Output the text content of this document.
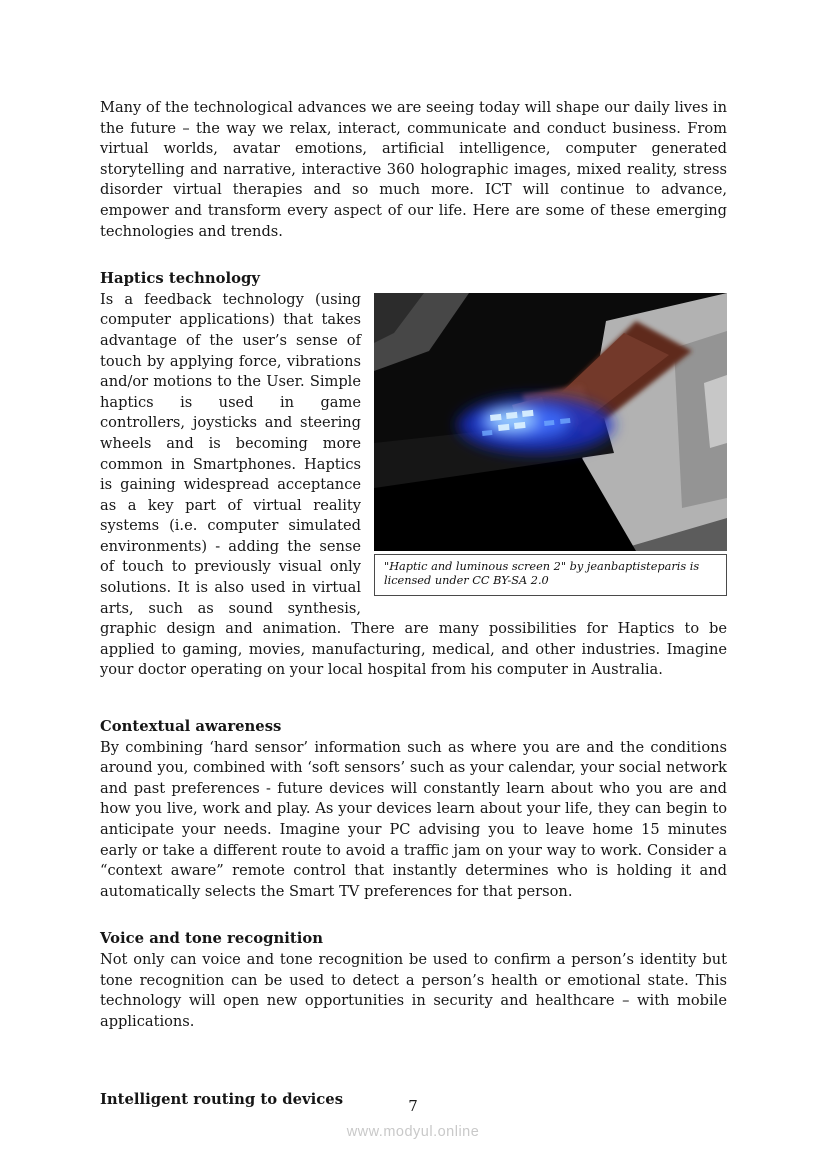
Many of the technological advances we are seeing today will shape our daily lives in the future – the way we relax, interact, communicate and conduct business. From virtual worlds, avatar emotions, artificial intelligence, computer generated storytelling and narrative, interactive 360 holographic images, mixed reality, stress disorder virtual therapies and so much more. ICT will continue to advance, empower and transform every aspect of our life. Here are some of these emerging technologies and trends.

Haptics technology
"Haptic and luminous screen 2" by jeanbaptisteparis is licensed under CC BY-SA 2.0

Is a feedback technology (using computer applications) that takes advantage of the user’s sense of touch by applying force, vibrations and/or motions to the User. Simple haptics is used in game controllers, joysticks and steering wheels and is becoming more common in Smartphones. Haptics is gaining widespread acceptance as a key part of virtual reality systems (i.e. computer simulated environments) - adding the sense of touch to previously visual only solutions. It is also used in virtual arts, such as sound synthesis, graphic design and animation. There are many possibilities for Haptics to be applied to gaming, movies, manufacturing, medical, and other industries. Imagine your doctor operating on your local hospital from his computer in Australia.

Contextual awareness

By combining ‘hard sensor’ information such as where you are and the conditions around you, combined with ‘soft sensors’ such as your calendar, your social network and past preferences - future devices will constantly learn about who you are and how you live, work and play. As your devices learn about your life, they can begin to anticipate your needs. Imagine your PC advising you to leave home 15 minutes early or take a different route to avoid a traffic jam on your way to work. Consider a “context aware” remote control that instantly determines who is holding it and automatically selects the Smart TV preferences for that person.

Voice and tone recognition

Not only can voice and tone recognition be used to confirm a person’s identity but tone recognition can be used to detect a person’s health or emotional state. This technology will open new opportunities in security and healthcare – with mobile applications.

Intelligent routing to devices	7
www.modyul.online
